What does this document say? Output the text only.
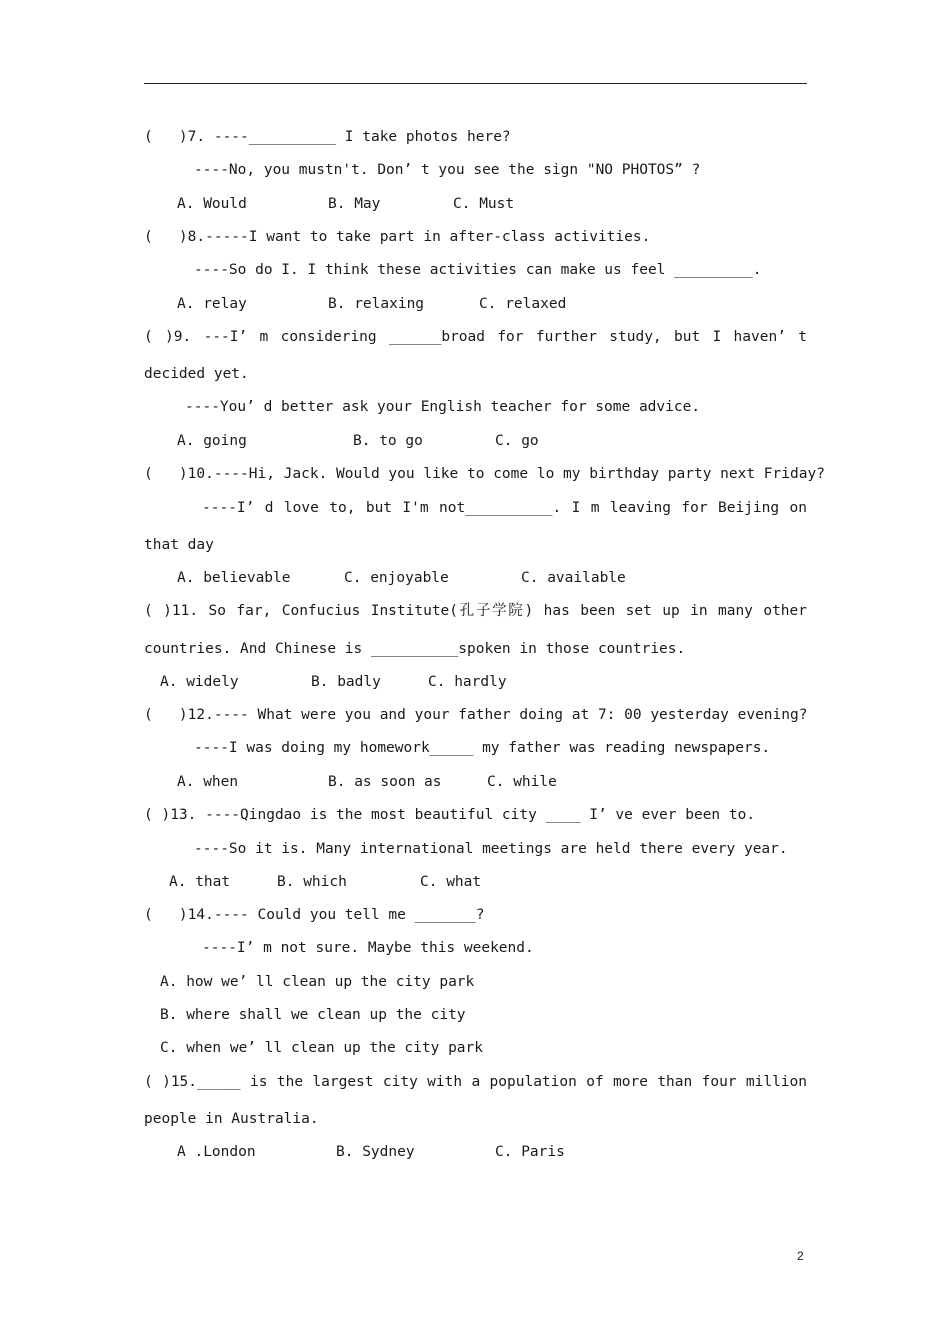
(   )7. ----__________ I take photos here?
----No, you mustn't. Don’ t you see the sign "NO PHOTOS” ?
A. Would	B. May	C. Must
(   )8.-----I want to take part in after-class activities.
----So do I. I think these activities can make us feel _________.
A. relay	B. relaxing	C. relaxed
( )9. ---I’ m considering ______broad for further study, but I haven’ t
decided yet.
----You’ d better ask your English teacher for some advice.
A. going	B. to go	C. go
(   )10.----Hi, Jack. Would you like to come lo my birthday party next Friday?
----I’ d love to, but I'm not__________. I m leaving for Beijing on
that day
A. believable	C. enjoyable	C. available
( )11. So far, Confucius Institute(孔子学院) has been set up in many other
countries. And Chinese is __________spoken in those countries.
A. widely	B. badly	C. hardly
(   )12.---- What were you and your father doing at 7: 00 yesterday evening?
----I was doing my homework_____ my father was reading newspapers.
A. when	B. as soon as	C. while
( )13. ----Qingdao is the most beautiful city ____ I’ ve ever been to.
----So it is. Many international meetings are held there every year.
A. that	B. which	C. what
(   )14.---- Could you tell me _______?
----I’ m not sure. Maybe this weekend.
A. how we’ ll clean up the city park
B. where shall we clean up the city
C. when we’ ll clean up the city park
( )15._____ is the largest city with a population of more than four million
people in Australia.
A .London	B. Sydney	C. Paris
2
